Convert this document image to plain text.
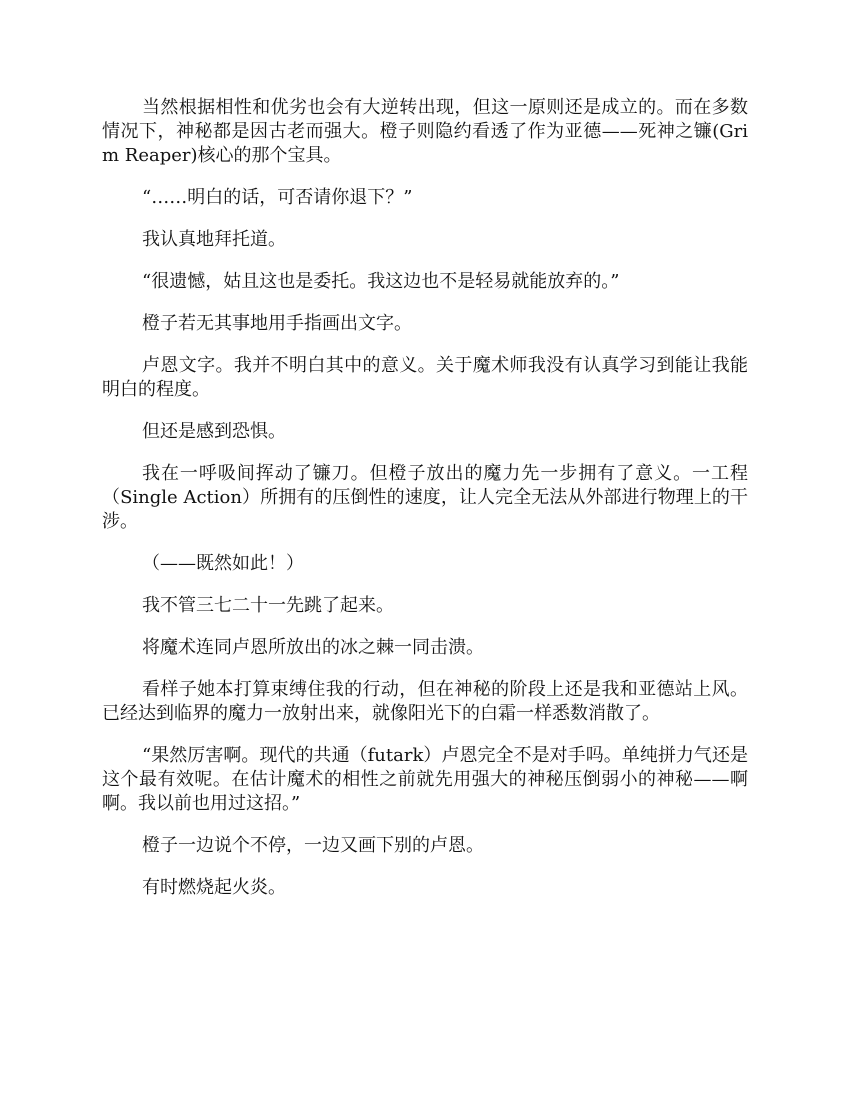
当然根据相性和优劣也会有大逆转出现，但这一原则还是成立的。而在多数情况下，神秘都是因古老而强大。橙子则隐约看透了作为亚德——死神之镰(Grim Reaper)核心的那个宝具。

“……明白的话，可否请你退下？”

我认真地拜托道。

“很遗憾，姑且这也是委托。我这边也不是轻易就能放弃的。”

橙子若无其事地用手指画出文字。

卢恩文字。我并不明白其中的意义。关于魔术师我没有认真学习到能让我能明白的程度。

但还是感到恐惧。

我在一呼吸间挥动了镰刀。但橙子放出的魔力先一步拥有了意义。一工程（Single Action）所拥有的压倒性的速度，让人完全无法从外部进行物理上的干涉。

（——既然如此！）

我不管三七二十一先跳了起来。

将魔术连同卢恩所放出的冰之棘一同击溃。

看样子她本打算束缚住我的行动，但在神秘的阶段上还是我和亚德站上风。已经达到临界的魔力一放射出来，就像阳光下的白霜一样悉数消散了。

“果然厉害啊。现代的共通（futark）卢恩完全不是对手吗。单纯拼力气还是这个最有效呢。在估计魔术的相性之前就先用强大的神秘压倒弱小的神秘——啊啊。我以前也用过这招。”

橙子一边说个不停，一边又画下别的卢恩。

有时燃烧起火炎。
